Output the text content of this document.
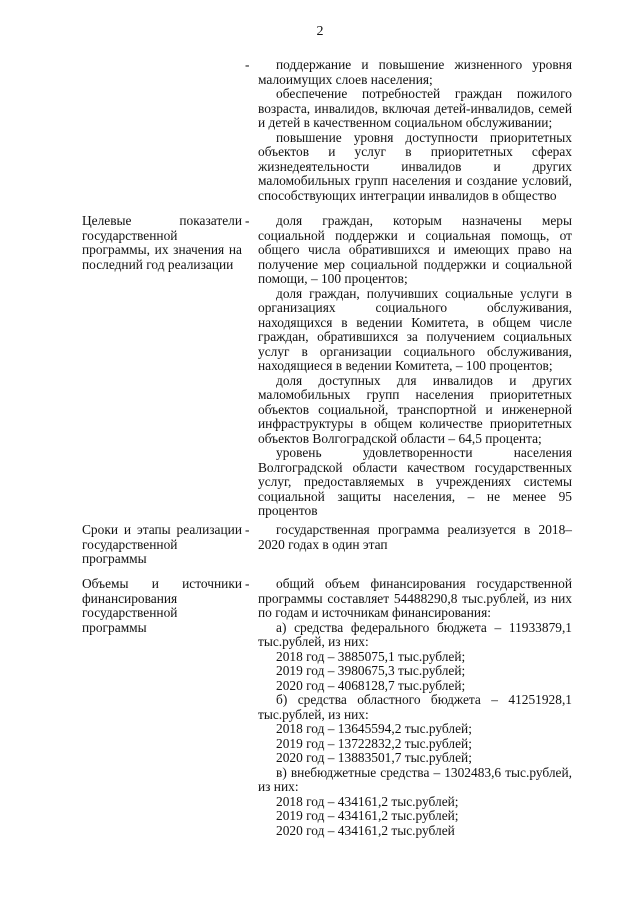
2
-	поддержание и повышение жизненного уровня малоимущих слоев населения;

обеспечение потребностей граждан пожилого возраста, инвалидов, включая детей-инвалидов, семей и детей в качественном социальном обслуживании;

повышение уровня доступности приоритетных объектов и услуг в приоритетных сферах жизнедеятельности инвалидов и других маломобильных групп населения и создание условий, способствующих интеграции инвалидов в общество

Целевые показатели государственной программы, их значения на последний год реализации
-	доля граждан, которым назначены меры социальной поддержки и социальная помощь, от общего числа обратившихся и имеющих право на получение мер социальной поддержки и социальной помощи, – 100 процентов;

доля граждан, получивших социальные услуги в организациях социального обслуживания, находящихся в ведении Комитета, в общем числе граждан, обратившихся за получением социальных услуг в организации социального обслуживания, находящиеся в ведении Комитета, – 100 процентов;

доля доступных для инвалидов и других маломобильных групп населения приоритетных объектов социальной, транспортной и инженерной инфраструктуры в общем количестве приоритетных объектов Волгоградской области – 64,5 процента;

уровень удовлетворенности населения Волгоградской области качеством государственных услуг, предоставляемых в учреждениях системы социальной защиты населения, – не менее 95 процентов

Сроки и этапы реализации государственной программы
-	государственная программа реализуется в 2018–2020 годах в один этап

Объемы и источники финансирования государственной программы
-	общий объем финансирования государственной программы составляет 54488290,8 тыс.рублей, из них по годам и источникам финансирования:

а) средства федерального бюджета – 11933879,1 тыс.рублей, из них:

2018 год – 3885075,1 тыс.рублей;

2019 год – 3980675,3 тыс.рублей;

2020 год – 4068128,7 тыс.рублей;

б) средства областного бюджета – 41251928,1 тыс.рублей, из них:

2018 год – 13645594,2 тыс.рублей;

2019 год – 13722832,2 тыс.рублей;

2020 год – 13883501,7 тыс.рублей;

в) внебюджетные средства – 1302483,6 тыс.рублей, из них:

2018 год – 434161,2 тыс.рублей;

2019 год – 434161,2 тыс.рублей;

2020 год – 434161,2 тыс.рублей
